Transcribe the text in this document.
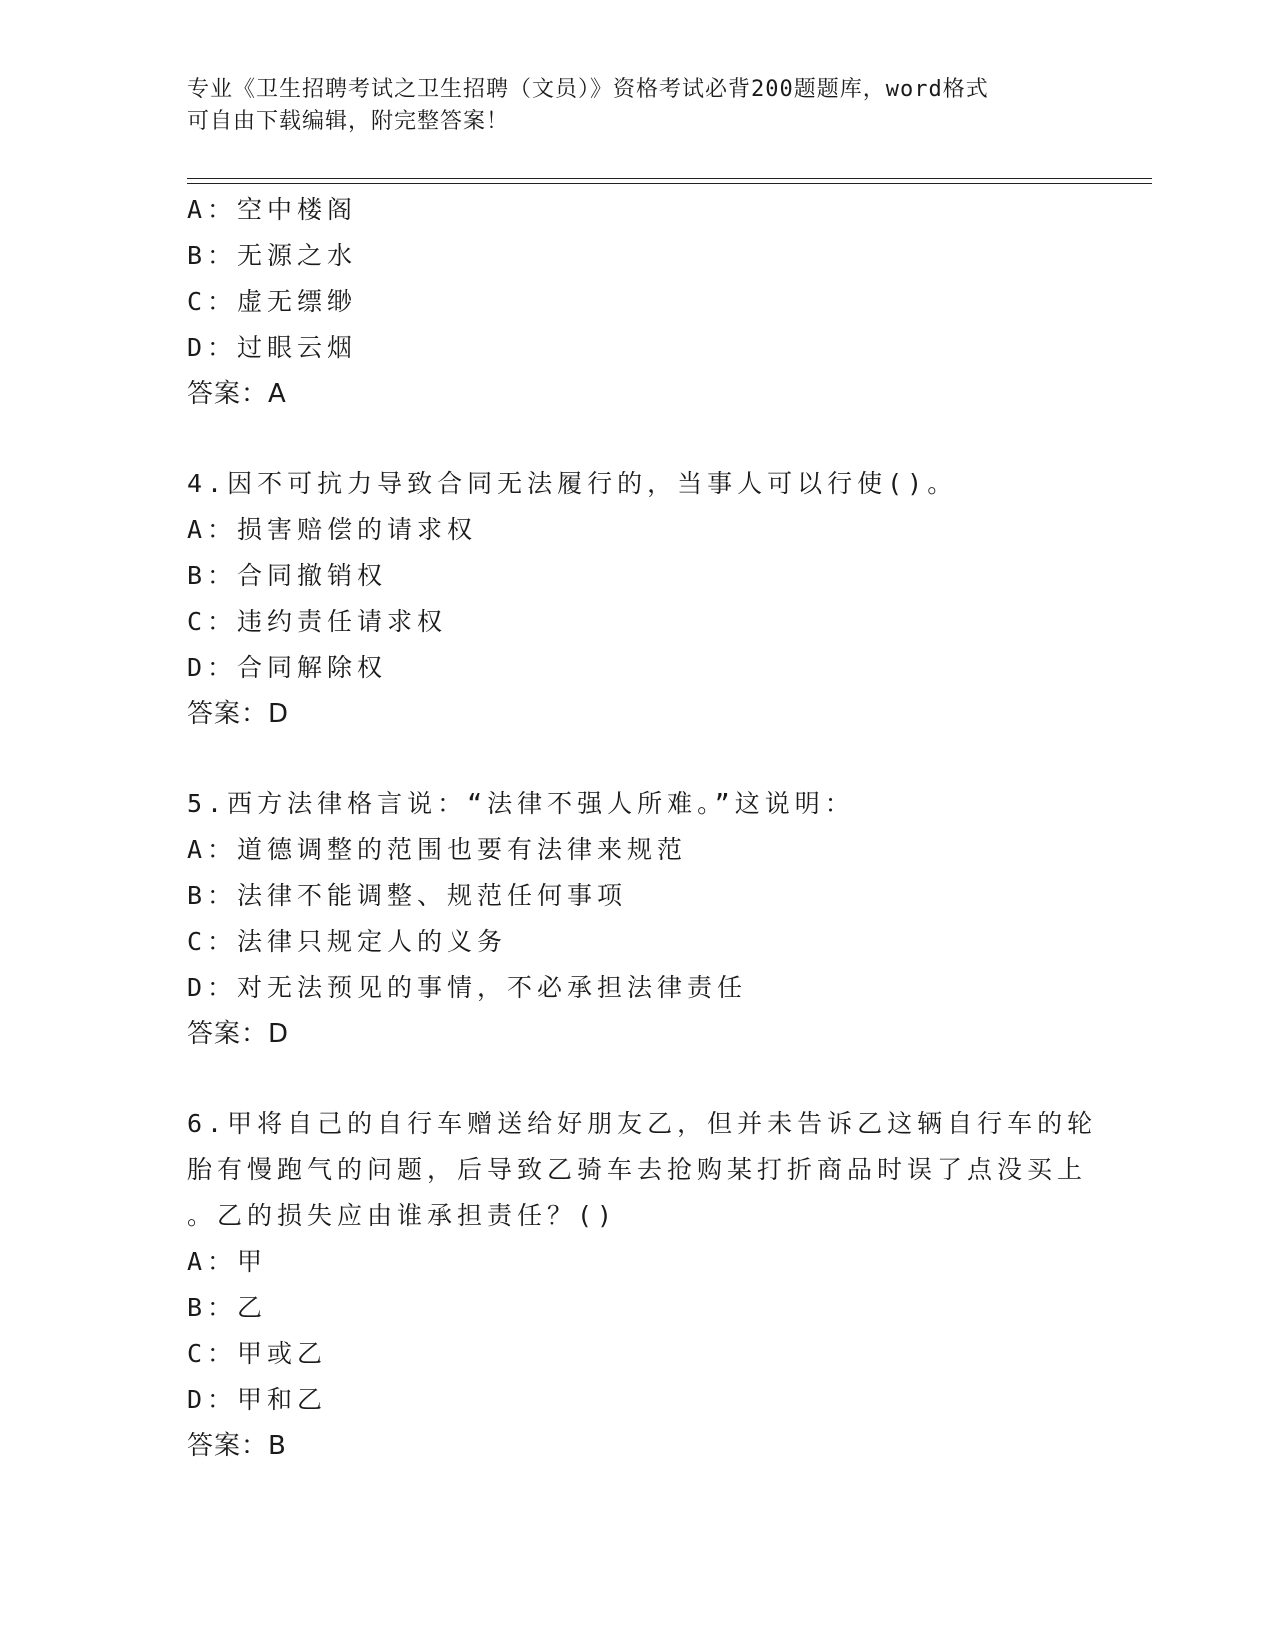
专业《卫生招聘考试之卫生招聘（文员）》资格考试必背200题题库，word格式
可自由下载编辑，附完整答案！
A：空中楼阁
B：无源之水
C：虚无缥缈
D：过眼云烟
答案：A
4.因不可抗力导致合同无法履行的，当事人可以行使()。
A：损害赔偿的请求权
B：合同撤销权
C：违约责任请求权
D：合同解除权
答案：D
5.西方法律格言说：“法律不强人所难。”这说明：
A：道德调整的范围也要有法律来规范
B：法律不能调整、规范任何事项
C：法律只规定人的义务
D：对无法预见的事情，不必承担法律责任
答案：D
6.甲将自己的自行车赠送给好朋友乙，但并未告诉乙这辆自行车的轮
胎有慢跑气的问题，后导致乙骑车去抢购某打折商品时误了点没买上
。乙的损失应由谁承担责任？()
A：甲
B：乙
C：甲或乙
D：甲和乙
答案：B
